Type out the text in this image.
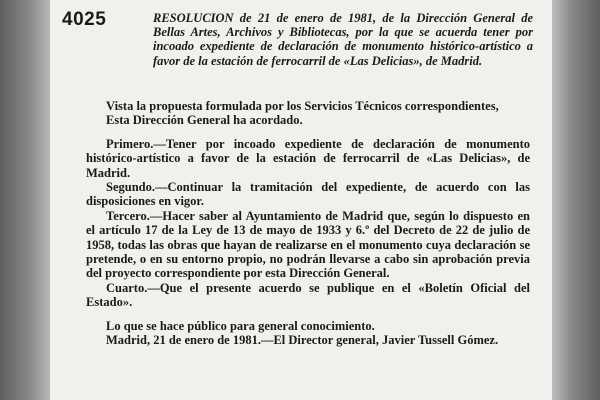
4025	RESOLUCION de 21 de enero de 1981, de la Dirección General de Bellas Artes, Archivos y Bibliotecas, por la que se acuerda tener por incoado expediente de declaración de monumento histórico-artístico a favor de la estación de ferrocarril de «Las Delicias», de Madrid.

Vista la propuesta formulada por los Servicios Técnicos correspondientes,

Esta Dirección General ha acordado.

Primero.—Tener por incoado expediente de declaración de monumento histórico-artístico a favor de la estación de ferrocarril de «Las Delicias», de Madrid.

Segundo.—Continuar la tramitación del expediente, de acuerdo con las disposiciones en vigor.

Tercero.—Hacer saber al Ayuntamiento de Madrid que, según lo dispuesto en el artículo 17 de la Ley de 13 de mayo de 1933 y 6.º del Decreto de 22 de julio de 1958, todas las obras que hayan de realizarse en el monumento cuya declaración se pretende, o en su entorno propio, no podrán llevarse a cabo sin aprobación previa del proyecto correspondiente por esta Dirección General.

Cuarto.—Que el presente acuerdo se publique en el «Boletín Oficial del Estado».

Lo que se hace público para general conocimiento.

Madrid, 21 de enero de 1981.—El Director general, Javier Tussell Gómez.
